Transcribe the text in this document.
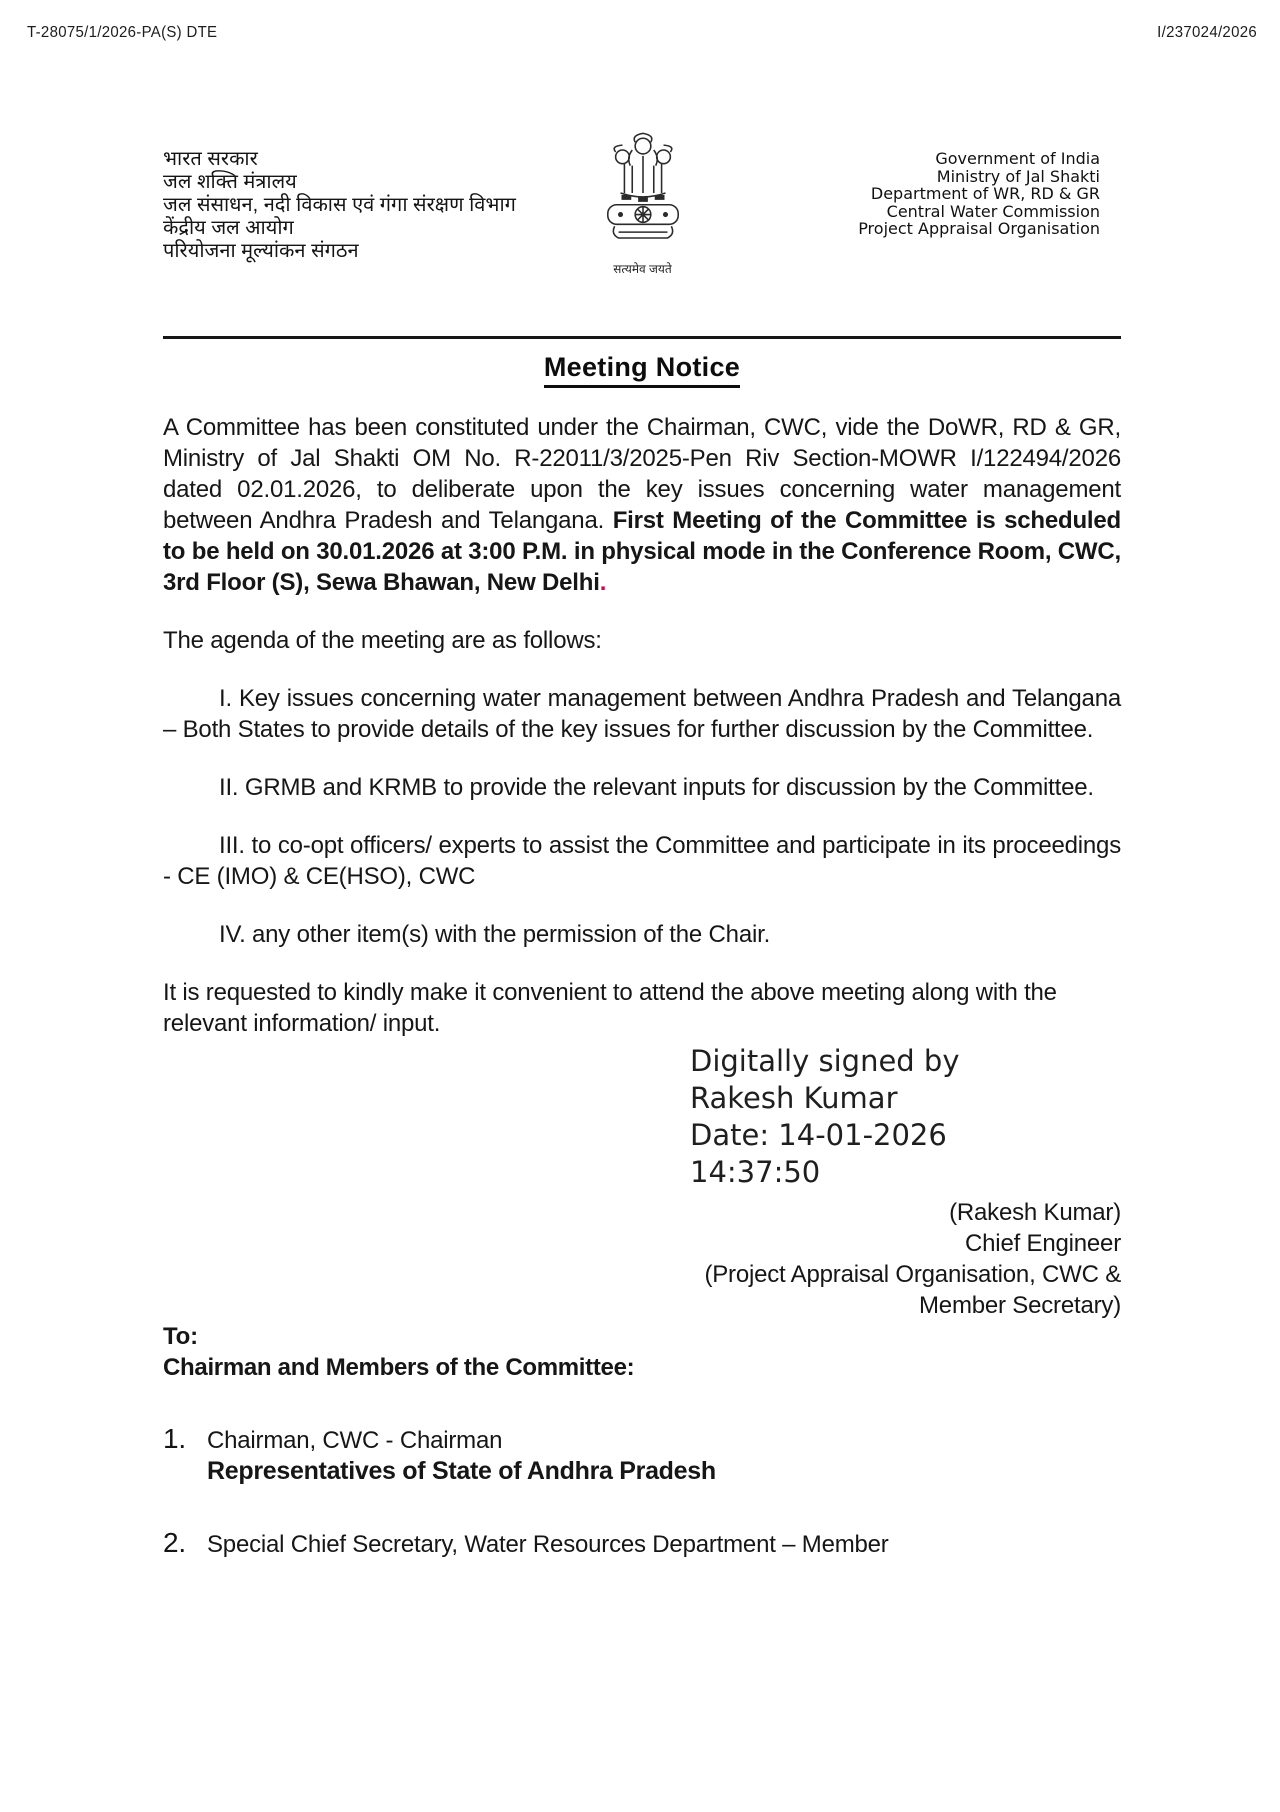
T-28075/1/2026-PA(S) DTE	I/237024/2026
भारत सरकार
जल शक्ति मंत्रालय
जल संसाधन, नदी विकास एवं गंगा संरक्षण विभाग
केंद्रीय जल आयोग
परियोजना मूल्यांकन संगठन
सत्यमेव जयते
Government of India
Ministry of Jal Shakti
Department of WR, RD & GR
Central Water Commission
Project Appraisal Organisation
Meeting Notice

A Committee has been constituted under the Chairman, CWC, vide the DoWR, RD & GR, Ministry of Jal Shakti OM No. R-22011/3/2025-Pen Riv Section-MOWR I/122494/2026 dated 02.01.2026, to deliberate upon the key issues concerning water management between Andhra Pradesh and Telangana. First Meeting of the Committee is scheduled to be held on 30.01.2026 at 3:00 P.M. in physical mode in the Conference Room, CWC, 3rd Floor (S), Sewa Bhawan, New Delhi.

The agenda of the meeting are as follows:

I. Key issues concerning water management between Andhra Pradesh and Telangana – Both States to provide details of the key issues for further discussion by the Committee.

II. GRMB and KRMB to provide the relevant inputs for discussion by the Committee.

III. to co-opt officers/ experts to assist the Committee and participate in its proceedings - CE (IMO) & CE(HSO), CWC

IV. any other item(s) with the permission of the Chair.

It is requested to kindly make it convenient to attend the above meeting along with the relevant information/ input.

Digitally signed by
Rakesh Kumar
Date: 14-01-2026
14:37:50
(Rakesh Kumar)
Chief Engineer
(Project Appraisal Organisation, CWC &
Member Secretary)

To:

Chairman and Members of the Committee:

1. Chairman, CWC - Chairman

Representatives of State of Andhra Pradesh

2. Special Chief Secretary, Water Resources Department – Member
